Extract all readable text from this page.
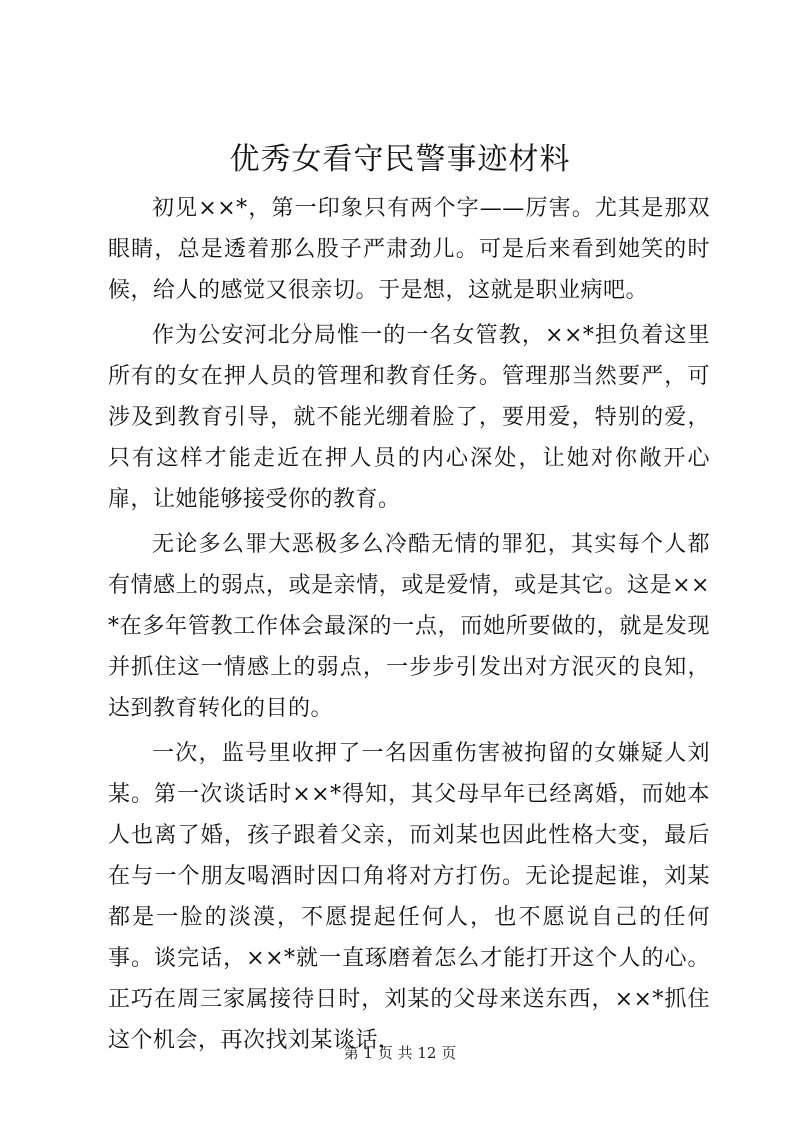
优秀女看守民警事迹材料

初见××*，第一印象只有两个字——厉害。尤其是那双眼睛，总是透着那么股子严肃劲儿。可是后来看到她笑的时候，给人的感觉又很亲切。于是想，这就是职业病吧。

作为公安河北分局惟一的一名女管教，××*担负着这里所有的女在押人员的管理和教育任务。管理那当然要严，可涉及到教育引导，就不能光绷着脸了，要用爱，特别的爱，只有这样才能走近在押人员的内心深处，让她对你敞开心扉，让她能够接受你的教育。

无论多么罪大恶极多么冷酷无情的罪犯，其实每个人都有情感上的弱点，或是亲情，或是爱情，或是其它。这是××*在多年管教工作体会最深的一点，而她所要做的，就是发现并抓住这一情感上的弱点，一步步引发出对方泯灭的良知，达到教育转化的目的。

一次，监号里收押了一名因重伤害被拘留的女嫌疑人刘某。第一次谈话时××*得知，其父母早年已经离婚，而她本人也离了婚，孩子跟着父亲，而刘某也因此性格大变，最后在与一个朋友喝酒时因口角将对方打伤。无论提起谁，刘某都是一脸的淡漠，不愿提起任何人，也不愿说自己的任何事。谈完话，××*就一直琢磨着怎么才能打开这个人的心。正巧在周三家属接待日时，刘某的父母来送东西，××*抓住这个机会，再次找刘某谈话，

第 1 页 共 12 页
